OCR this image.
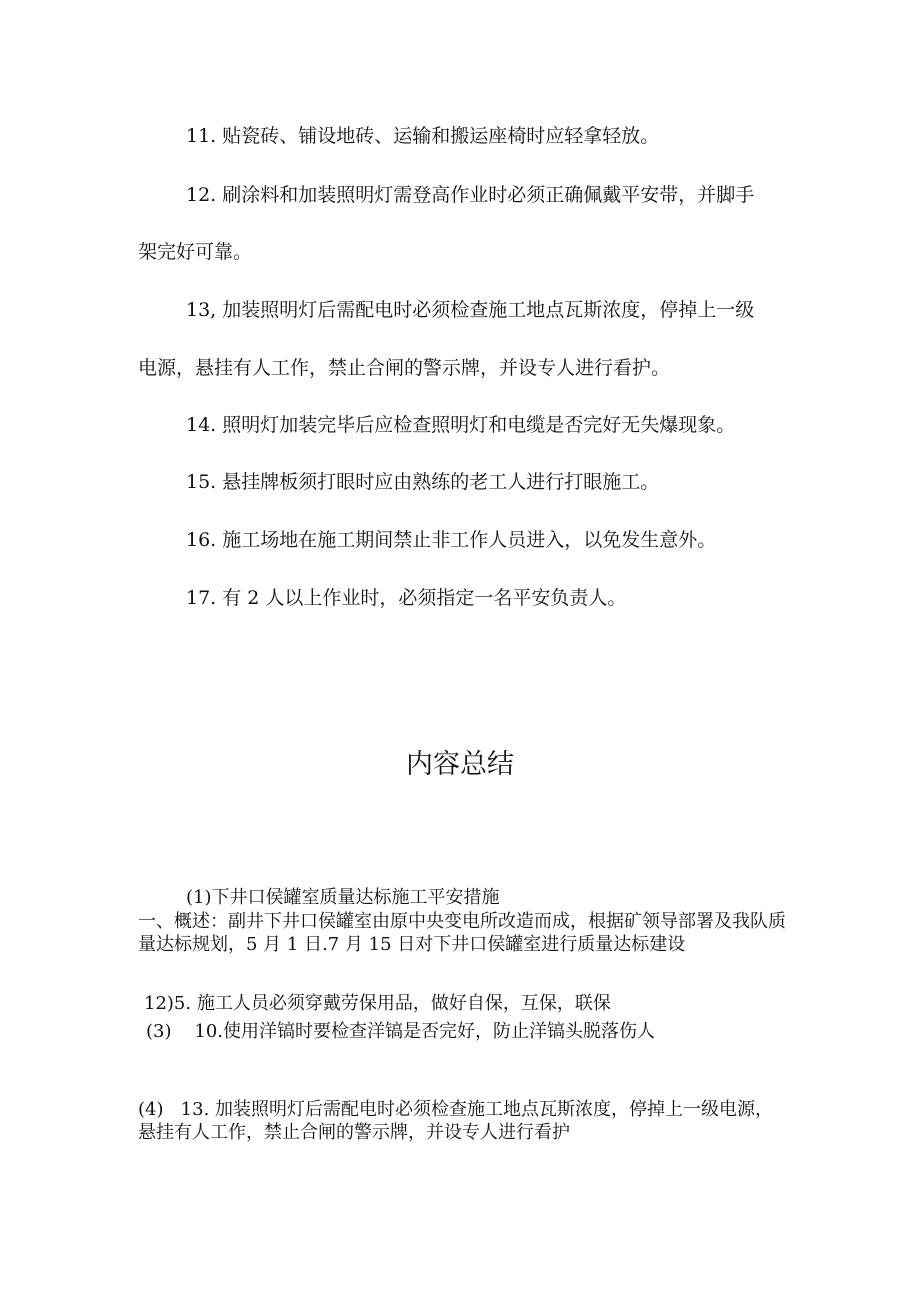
11. 贴瓷砖、铺设地砖、运输和搬运座椅时应轻拿轻放。
12. 刷涂料和加装照明灯需登高作业时必须正确佩戴平安带，并脚手
架完好可靠。
13, 加装照明灯后需配电时必须检查施工地点瓦斯浓度，停掉上一级
电源，悬挂有人工作，禁止合闸的警示牌，并设专人进行看护。
14. 照明灯加装完毕后应检查照明灯和电缆是否完好无失爆现象。
15. 悬挂牌板须打眼时应由熟练的老工人进行打眼施工。
16. 施工场地在施工期间禁止非工作人员进入，以免发生意外。
17. 有 2 人以上作业时，必须指定一名平安负责人。
内容总结
(1)下井口侯罐室质量达标施工平安措施
一、概述：副井下井口侯罐室由原中央变电所改造而成，根据矿领导部署及我队质量达标规划，5 月 1 日.7 月 15 日对下井口侯罐室进行质量达标建设
12)5. 施工人员必须穿戴劳保用品，做好自保，互保，联保
(3)    10.使用洋镐时要检查洋镐是否完好，防止洋镐头脱落伤人
(4)   13. 加装照明灯后需配电时必须检查施工地点瓦斯浓度，停掉上一级电源，悬挂有人工作，禁止合闸的警示牌，并设专人进行看护
